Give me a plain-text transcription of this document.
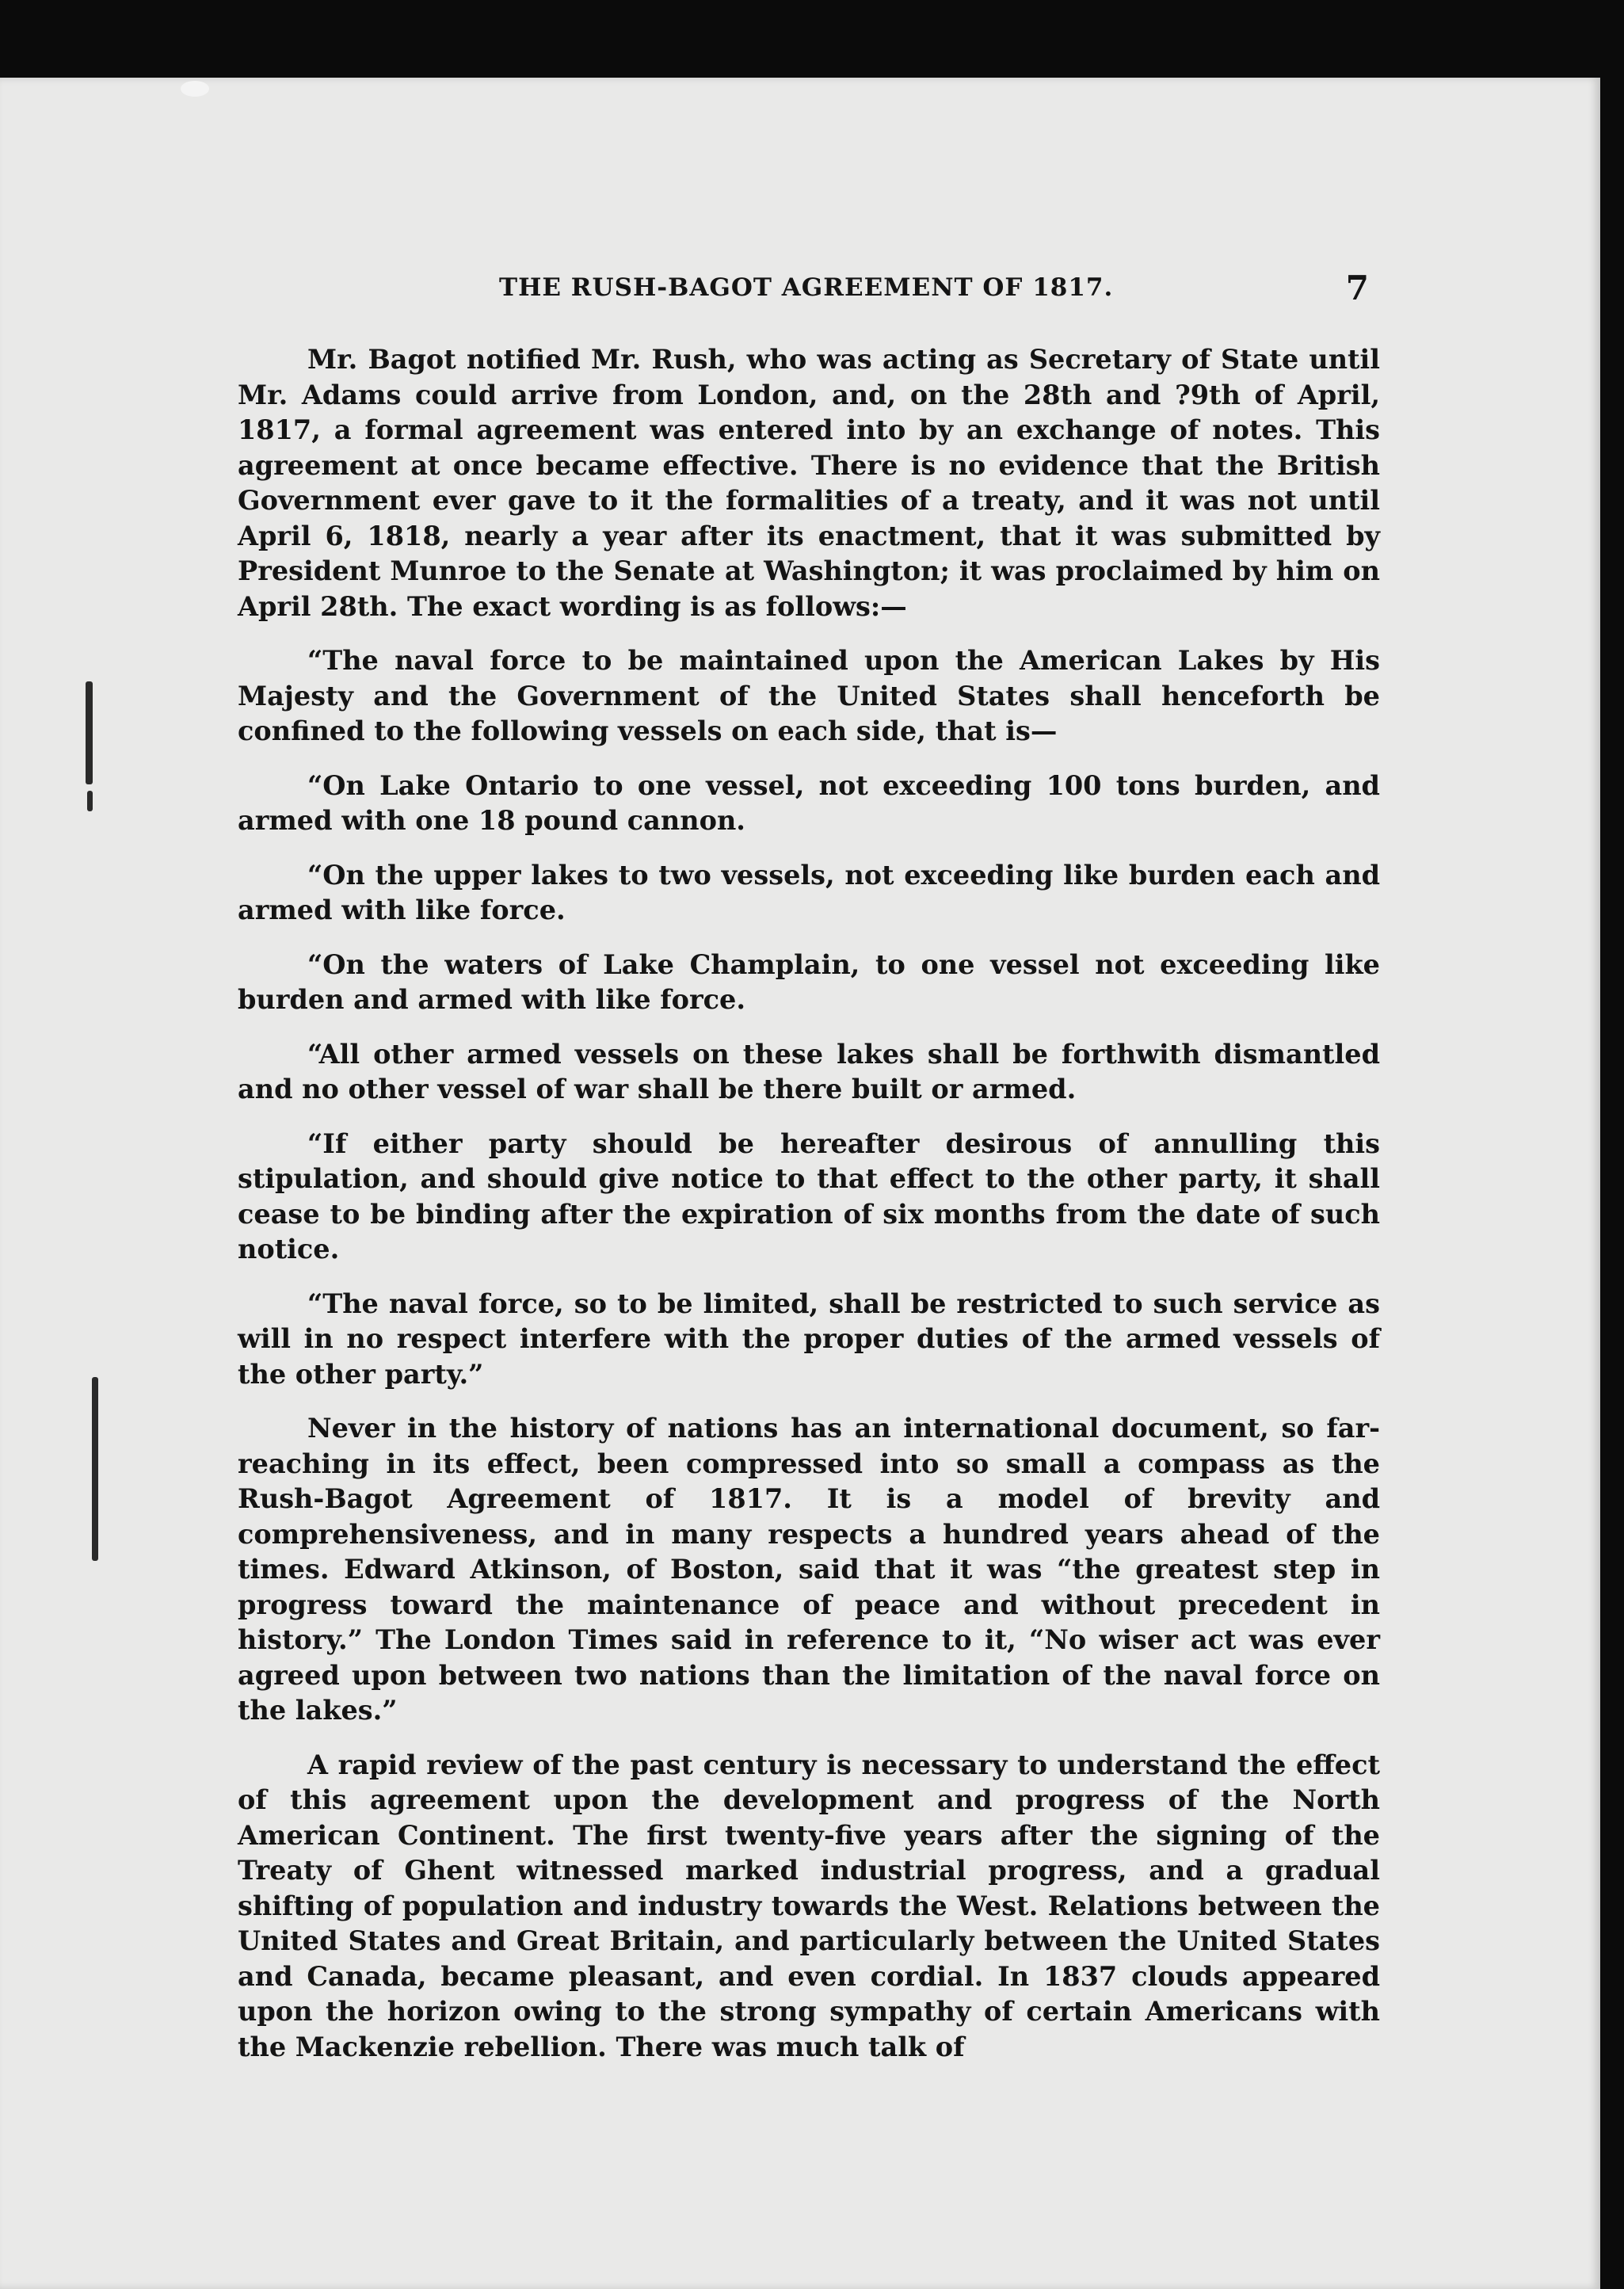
THE RUSH-BAGOT AGREEMENT OF 1817.	7

Mr. Bagot notified Mr. Rush, who was acting as Secretary of State until Mr. Adams could arrive from London, and, on the 28th and ?9th of April, 1817, a formal agreement was entered into by an exchange of notes. This agreement at once became effective. There is no evidence that the British Government ever gave to it the formalities of a treaty, and it was not until April 6, 1818, nearly a year after its enactment, that it was submitted by President Munroe to the Senate at Washington; it was proclaimed by him on April 28th. The exact wording is as follows:—

“The naval force to be maintained upon the American Lakes by His Majesty and the Government of the United States shall henceforth be confined to the following vessels on each side, that is—

“On Lake Ontario to one vessel, not exceeding 100 tons burden, and armed with one 18 pound cannon.

“On the upper lakes to two vessels, not exceeding like burden each and armed with like force.

“On the waters of Lake Champlain, to one vessel not exceeding like burden and armed with like force.

“All other armed vessels on these lakes shall be forthwith dismantled and no other vessel of war shall be there built or armed.

“If either party should be hereafter desirous of annulling this stipulation, and should give notice to that effect to the other party, it shall cease to be binding after the expiration of six months from the date of such notice.

“The naval force, so to be limited, shall be restricted to such service as will in no respect interfere with the proper duties of the armed vessels of the other party.”

Never in the history of nations has an international document, so far-reaching in its effect, been compressed into so small a compass as the Rush-Bagot Agreement of 1817. It is a model of brevity and comprehensiveness, and in many respects a hundred years ahead of the times. Edward Atkinson, of Boston, said that it was “the greatest step in progress toward the maintenance of peace and without precedent in history.” The London Times said in reference to it, “No wiser act was ever agreed upon between two nations than the limitation of the naval force on the lakes.”

A rapid review of the past century is necessary to understand the effect of this agreement upon the development and progress of the North American Continent. The first twenty-five years after the signing of the Treaty of Ghent witnessed marked industrial progress, and a gradual shifting of population and industry towards the West. Relations between the United States and Great Britain, and particularly between the United States and Canada, became pleasant, and even cordial. In 1837 clouds appeared upon the horizon owing to the strong sympathy of certain Americans with the Mackenzie rebellion. There was much talk of
